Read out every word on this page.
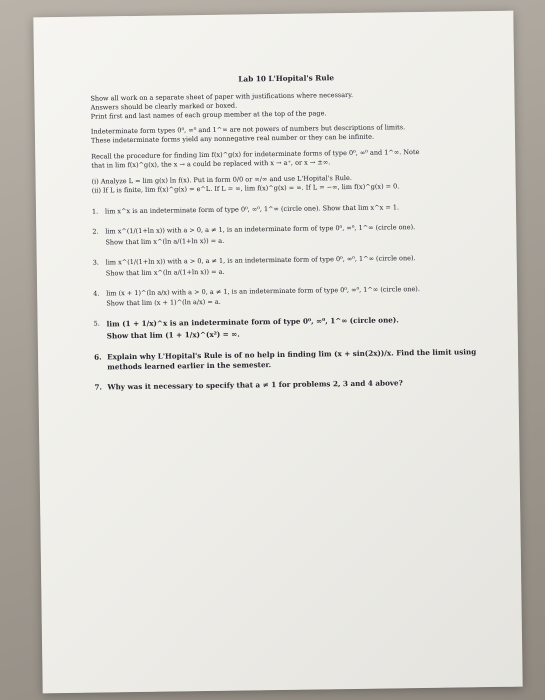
Lab 10 L'Hopital's Rule

Show all work on a separate sheet of paper with justifications where necessary.

Answers should be clearly marked or boxed.

Print first and last names of each group member at the top of the page.

Indeterminate form types 0⁰, ∞⁰ and 1^∞ are not powers of numbers but descriptions of limits.

These indeterminate forms yield any nonnegative real number or they can be infinite.

Recall the procedure for finding lim f(x)^g(x) for indeterminate forms of type 0⁰, ∞⁰ and 1^∞. Note

that in lim f(x)^g(x), the x → a could be replaced with x → a⁺, or x → ±∞.

(i) Analyze L = lim g(x) ln f(x). Put in form 0/0 or ∞/∞ and use L'Hopital's Rule.

(ii) If L is finite, lim f(x)^g(x) = e^L. If L = ∞, lim f(x)^g(x) = ∞. If L = −∞, lim f(x)^g(x) = 0.

1.	lim x^x is an indeterminate form of type 0⁰, ∞⁰, 1^∞ (circle one). Show that lim x^x = 1.
2.	lim x^(1/(1+ln x)) with a > 0, a ≠ 1, is an indeterminate form of type 0⁰, ∞⁰, 1^∞ (circle one).
Show that lim x^(ln a/(1+ln x)) = a.
3.	lim x^(1/(1+ln x)) with a > 0, a ≠ 1, is an indeterminate form of type 0⁰, ∞⁰, 1^∞ (circle one).
Show that lim x^(ln a/(1+ln x)) = a.
4.	lim (x + 1)^(ln a/x) with a > 0, a ≠ 1, is an indeterminate form of type 0⁰, ∞⁰, 1^∞ (circle one).
Show that lim (x + 1)^(ln a/x) = a.
5. lim (1 + 1/x)^x is an indeterminate form of type 0⁰, ∞⁰, 1^∞ (circle one).
Show that lim (1 + 1/x)^(x²) = ∞.
6. Explain why L'Hopital's Rule is of no help in finding lim (x + sin(2x))/x. Find the limit using methods learned earlier in the semester.
7. Why was it necessary to specify that a ≠ 1 for problems 2, 3 and 4 above?
